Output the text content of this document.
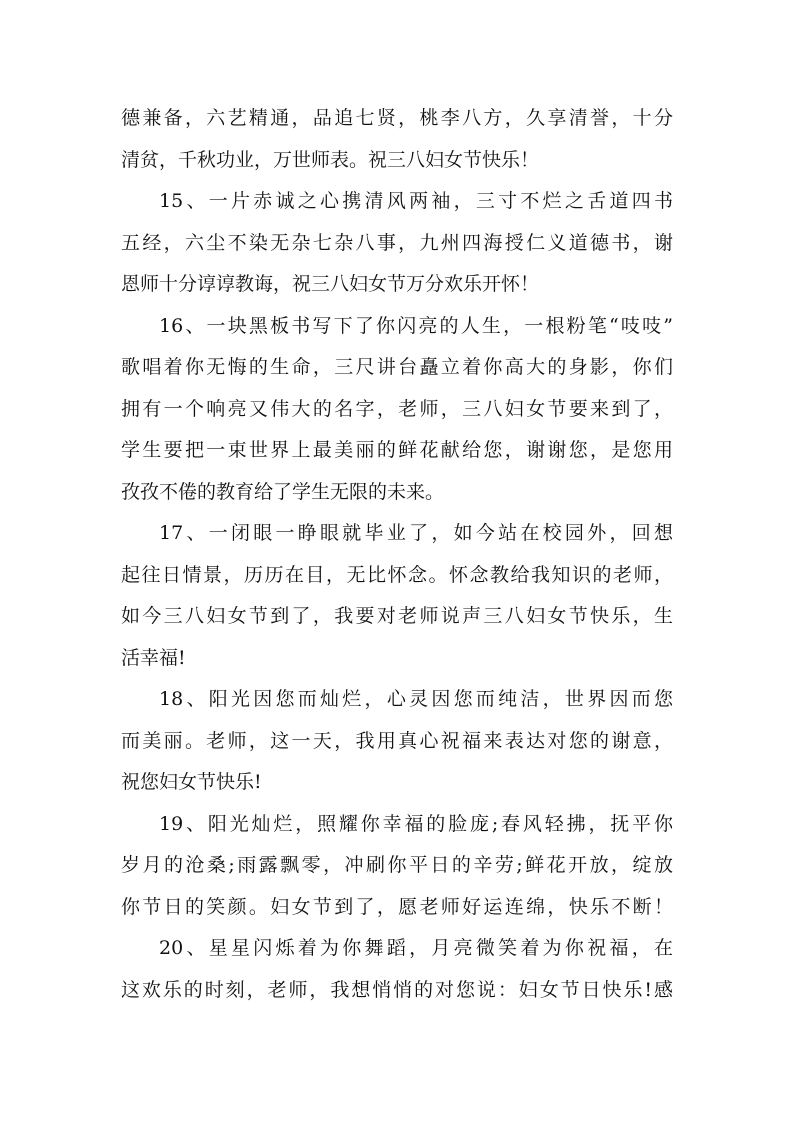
德兼备，六艺精通，品追七贤，桃李八方，久享清誉，十分
清贫，千秋功业，万世师表。祝三八妇女节快乐！
15、一片赤诚之心携清风两袖，三寸不烂之舌道四书
五经，六尘不染无杂七杂八事，九州四海授仁义道德书，谢
恩师十分谆谆教诲，祝三八妇女节万分欢乐开怀！
16、一块黑板书写下了你闪亮的人生，一根粉笔“吱吱”
歌唱着你无悔的生命，三尺讲台矗立着你高大的身影，你们
拥有一个响亮又伟大的名字，老师，三八妇女节要来到了，
学生要把一束世界上最美丽的鲜花献给您，谢谢您，是您用
孜孜不倦的教育给了学生无限的未来。
17、一闭眼一睁眼就毕业了，如今站在校园外，回想
起往日情景，历历在目，无比怀念。怀念教给我知识的老师，
如今三八妇女节到了，我要对老师说声三八妇女节快乐，生
活幸福!
18、阳光因您而灿烂，心灵因您而纯洁，世界因而您
而美丽。老师，这一天，我用真心祝福来表达对您的谢意，
祝您妇女节快乐!
19、阳光灿烂，照耀你幸福的脸庞;春风轻拂，抚平你
岁月的沧桑;雨露飘零，冲刷你平日的辛劳;鲜花开放，绽放
你节日的笑颜。妇女节到了，愿老师好运连绵，快乐不断！
20、星星闪烁着为你舞蹈，月亮微笑着为你祝福，在
这欢乐的时刻，老师，我想悄悄的对您说：妇女节日快乐!感
